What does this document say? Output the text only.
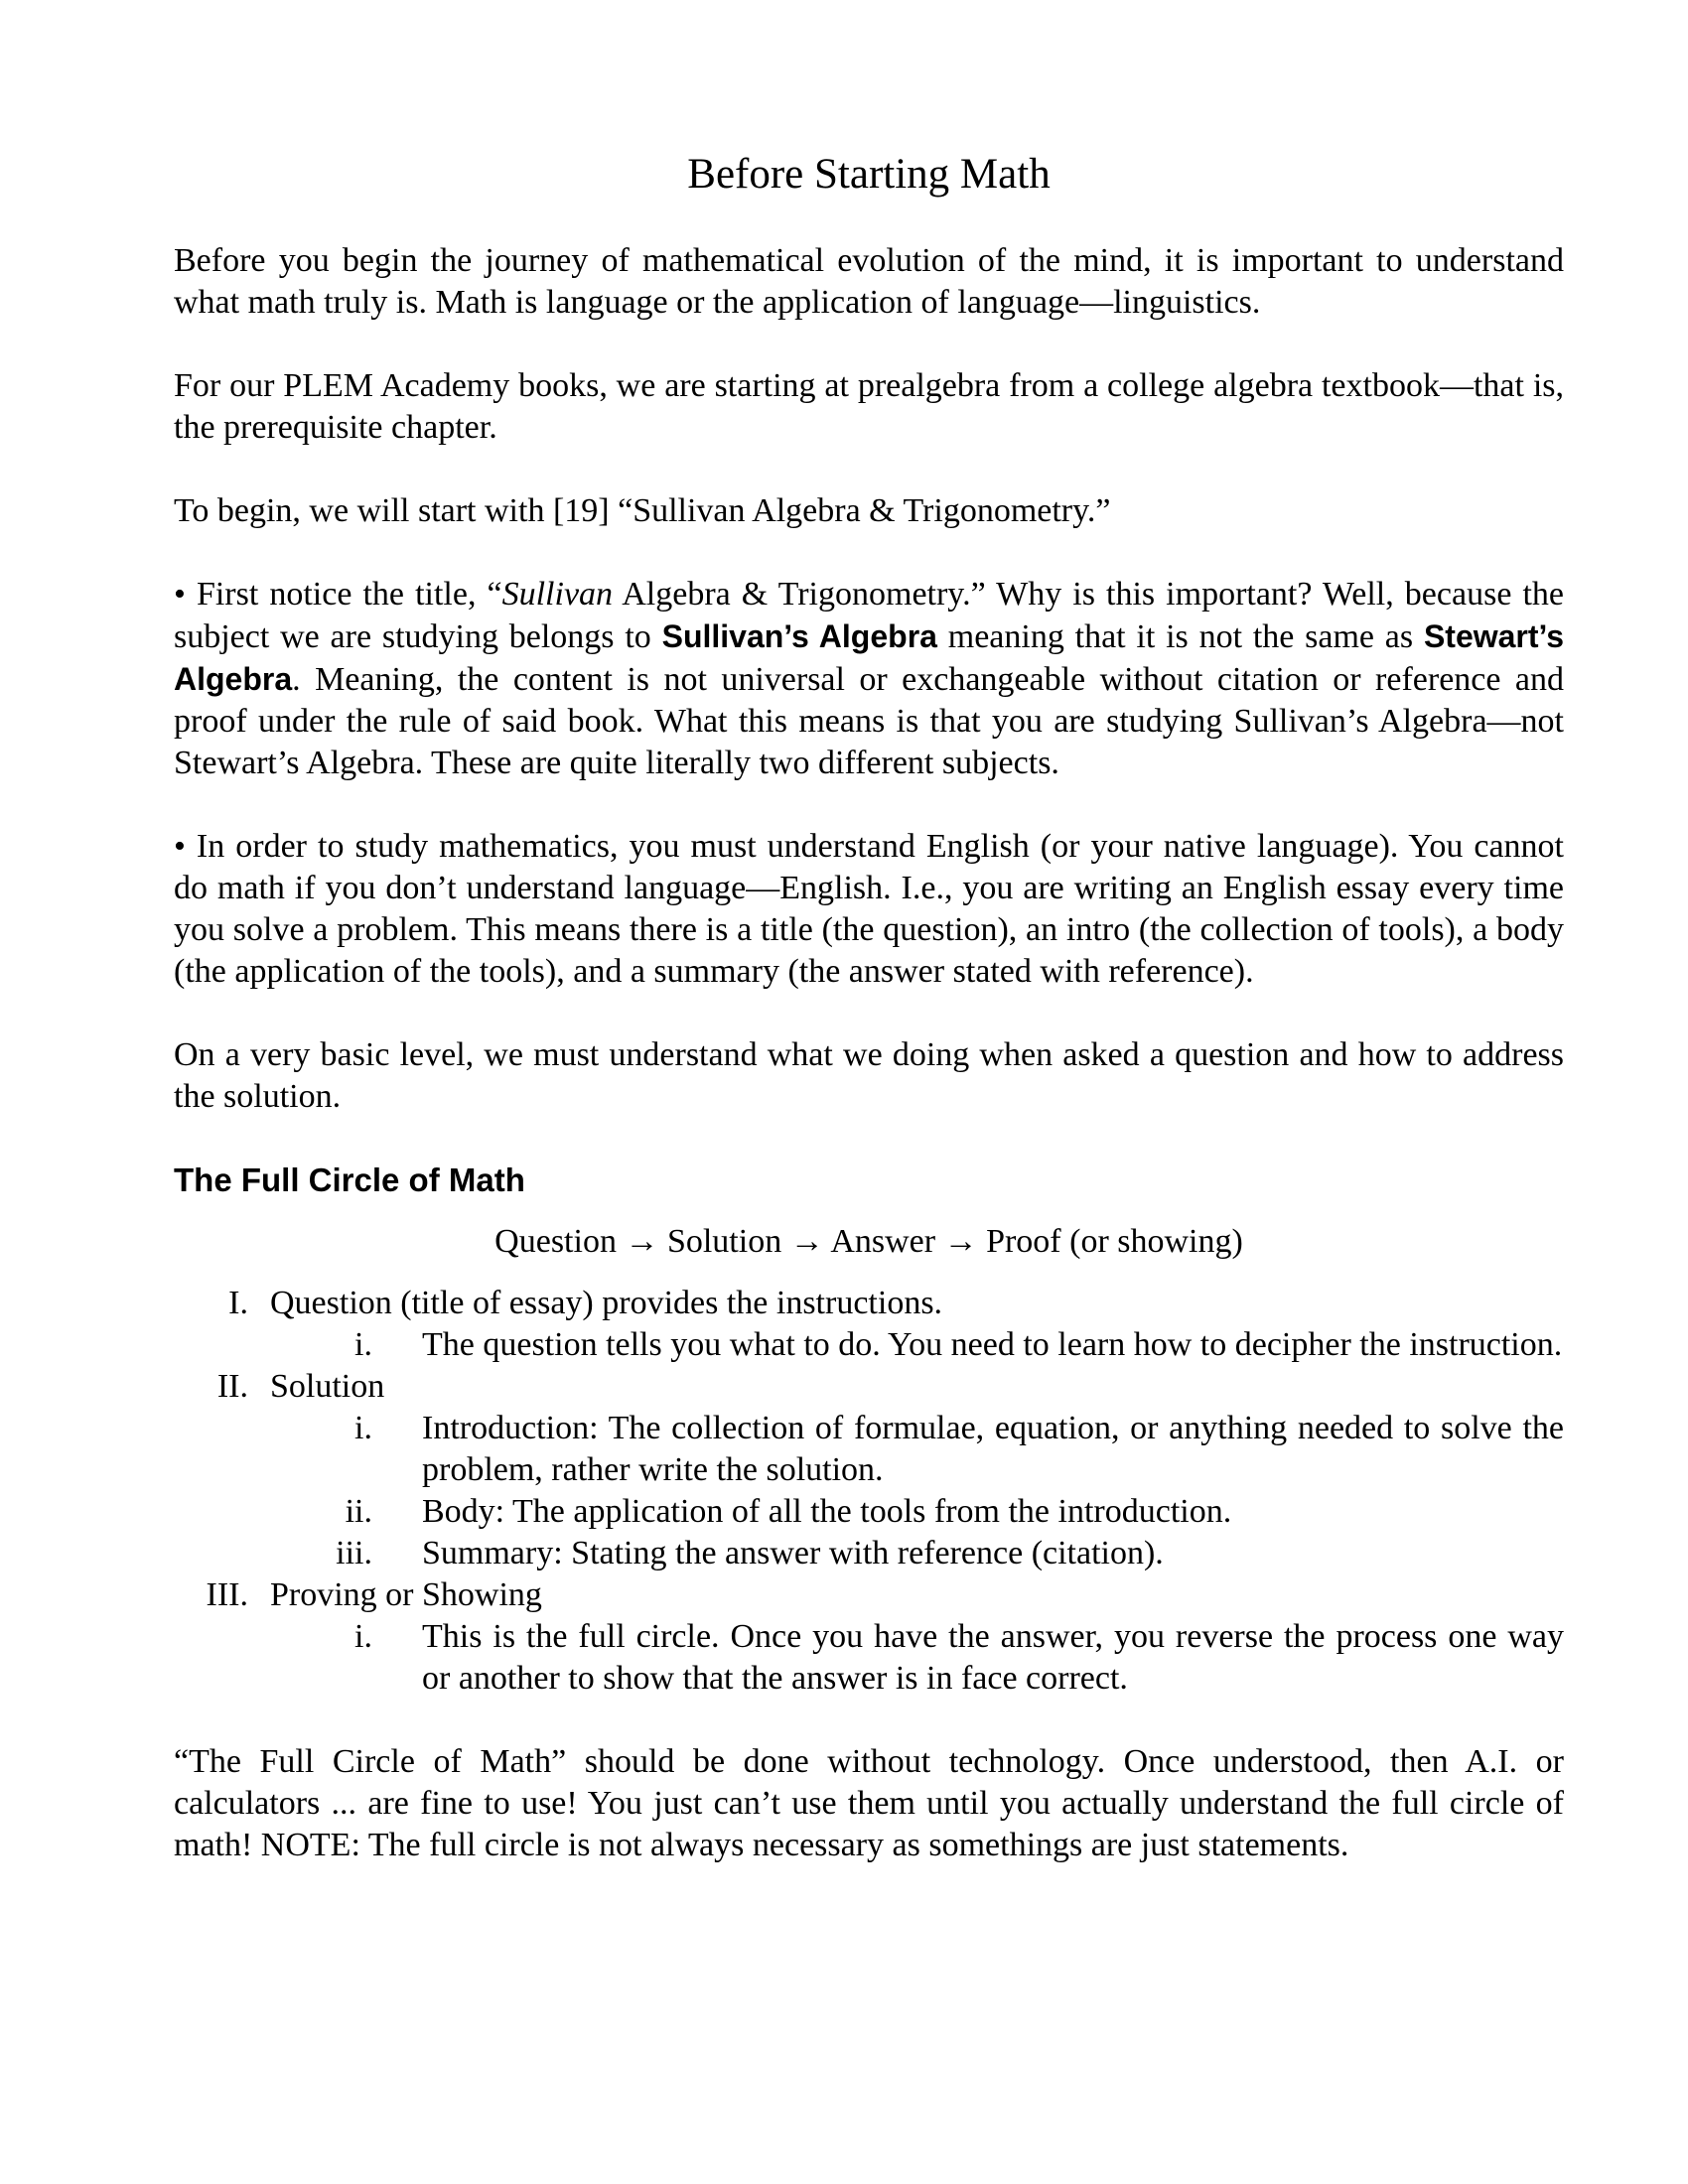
Before Starting Math

Before you begin the journey of mathematical evolution of the mind, it is important to understand what math truly is. Math is language or the application of language—linguistics.

For our PLEM Academy books, we are starting at prealgebra from a college algebra textbook—that is, the prerequisite chapter.

To begin, we will start with [19] “Sullivan Algebra & Trigonometry.”

• First notice the title, “Sullivan Algebra & Trigonometry.” Why is this important? Well, because the subject we are studying belongs to Sullivan’s Algebra meaning that it is not the same as Stewart’s Algebra. Meaning, the content is not universal or exchangeable without citation or reference and proof under the rule of said book. What this means is that you are studying Sullivan’s Algebra—not Stewart’s Algebra. These are quite literally two different subjects.

• In order to study mathematics, you must understand English (or your native language). You cannot do math if you don’t understand language—English. I.e., you are writing an English essay every time you solve a problem. This means there is a title (the question), an intro (the collection of tools), a body (the application of the tools), and a summary (the answer stated with reference).

On a very basic level, we must understand what we doing when asked a question and how to address the solution.

The Full Circle of Math
Question → Solution → Answer → Proof (or showing)
I. Question (title of essay) provides the instructions.
i. The question tells you what to do. You need to learn how to decipher the instruction.
II. Solution
i. Introduction: The collection of formulae, equation, or anything needed to solve the problem, rather write the solution.
ii. Body: The application of all the tools from the introduction.
iii. Summary: Stating the answer with reference (citation).
III. Proving or Showing
i. This is the full circle. Once you have the answer, you reverse the process one way or another to show that the answer is in face correct.

“The Full Circle of Math” should be done without technology. Once understood, then A.I. or calculators ... are fine to use! You just can’t use them until you actually understand the full circle of math! NOTE: The full circle is not always necessary as somethings are just statements.
